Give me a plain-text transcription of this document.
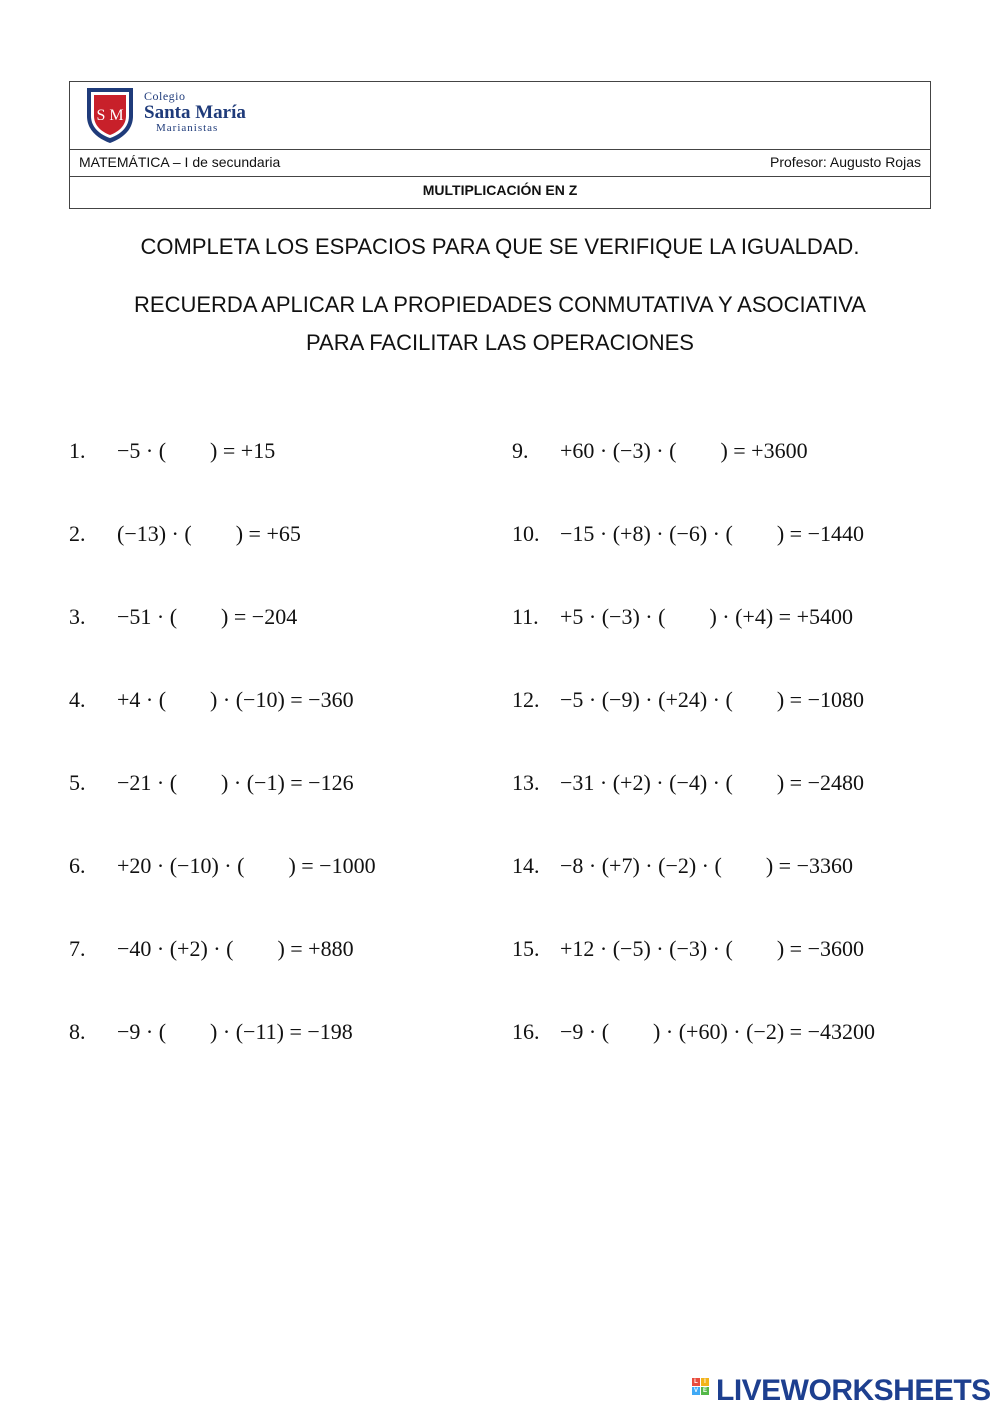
S M
Colegio
Santa María
Marianistas
MATEMÁTICA – I de secundaria	Profesor: Augusto Rojas
MULTIPLICACIÓN EN Z
COMPLETA LOS ESPACIOS PARA QUE SE VERIFIQUE LA IGUALDAD.
RECUERDA APLICAR LA PROPIEDADES CONMUTATIVA Y ASOCIATIVA
PARA FACILITAR LAS OPERACIONES
1. −5 · (        ) = +15
2. (−13) · (        ) = +65
3. −51 · (        ) = −204
4. +4 · (        ) · (−10) = −360
5. −21 · (        ) · (−1) = −126
6. +20 · (−10) · (        ) = −1000
7. −40 · (+2) · (        ) = +880
8. −9 · (        ) · (−11) = −198
9. +60 · (−3) · (        ) = +3600
10. −15 · (+8) · (−6) · (        ) = −1440
11. +5 · (−3) · (        ) · (+4) = +5400
12. −5 · (−9) · (+24) · (        ) = −1080
13. −31 · (+2) · (−4) · (        ) = −2480
14. −8 · (+7) · (−2) · (        ) = −3360
15. +12 · (−5) · (−3) · (        ) = −3600
16. −9 · (        ) · (+60) · (−2) = −43200
L	I
V E LIVEWORKSHEETS
